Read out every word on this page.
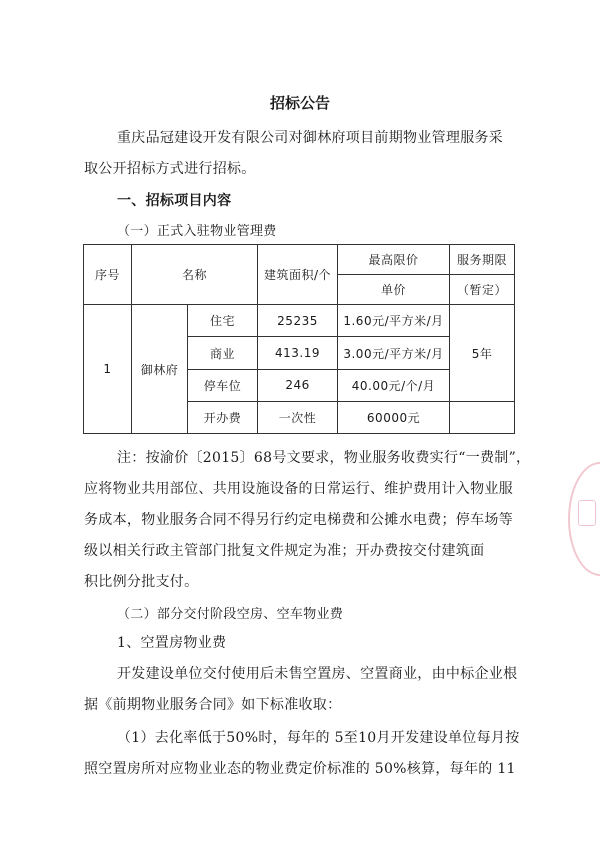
招标公告
重庆品冠建设开发有限公司对御林府项目前期物业管理服务采
取公开招标方式进行招标。
一、招标项目内容
（一）正式入驻物业管理费
序号	名称		建筑面积/个	最高限价	服务期限
				单价	（暂定）
1	御林府	住宅	25235	1.60元/平方米/月	5年
		商业	413.19	3.00元/平方米/月	
		停车位	246	40.00元/个/月	
		开办费	一次性	60000元	
注：按渝价〔2015〕68号文要求，物业服务收费实行“一费制”，
应将物业共用部位、共用设施设备的日常运行、维护费用计入物业服
务成本，物业服务合同不得另行约定电梯费和公摊水电费；停车场等
级以相关行政主管部门批复文件规定为准；开办费按交付建筑面
积比例分批支付。
（二）部分交付阶段空房、空车物业费
1、空置房物业费
开发建设单位交付使用后未售空置房、空置商业，由中标企业根
据《前期物业服务合同》如下标准收取：
（1）去化率低于50%时，每年的 5至10月开发建设单位每月按
照空置房所对应物业业态的物业费定价标准的 50%核算，每年的 11
